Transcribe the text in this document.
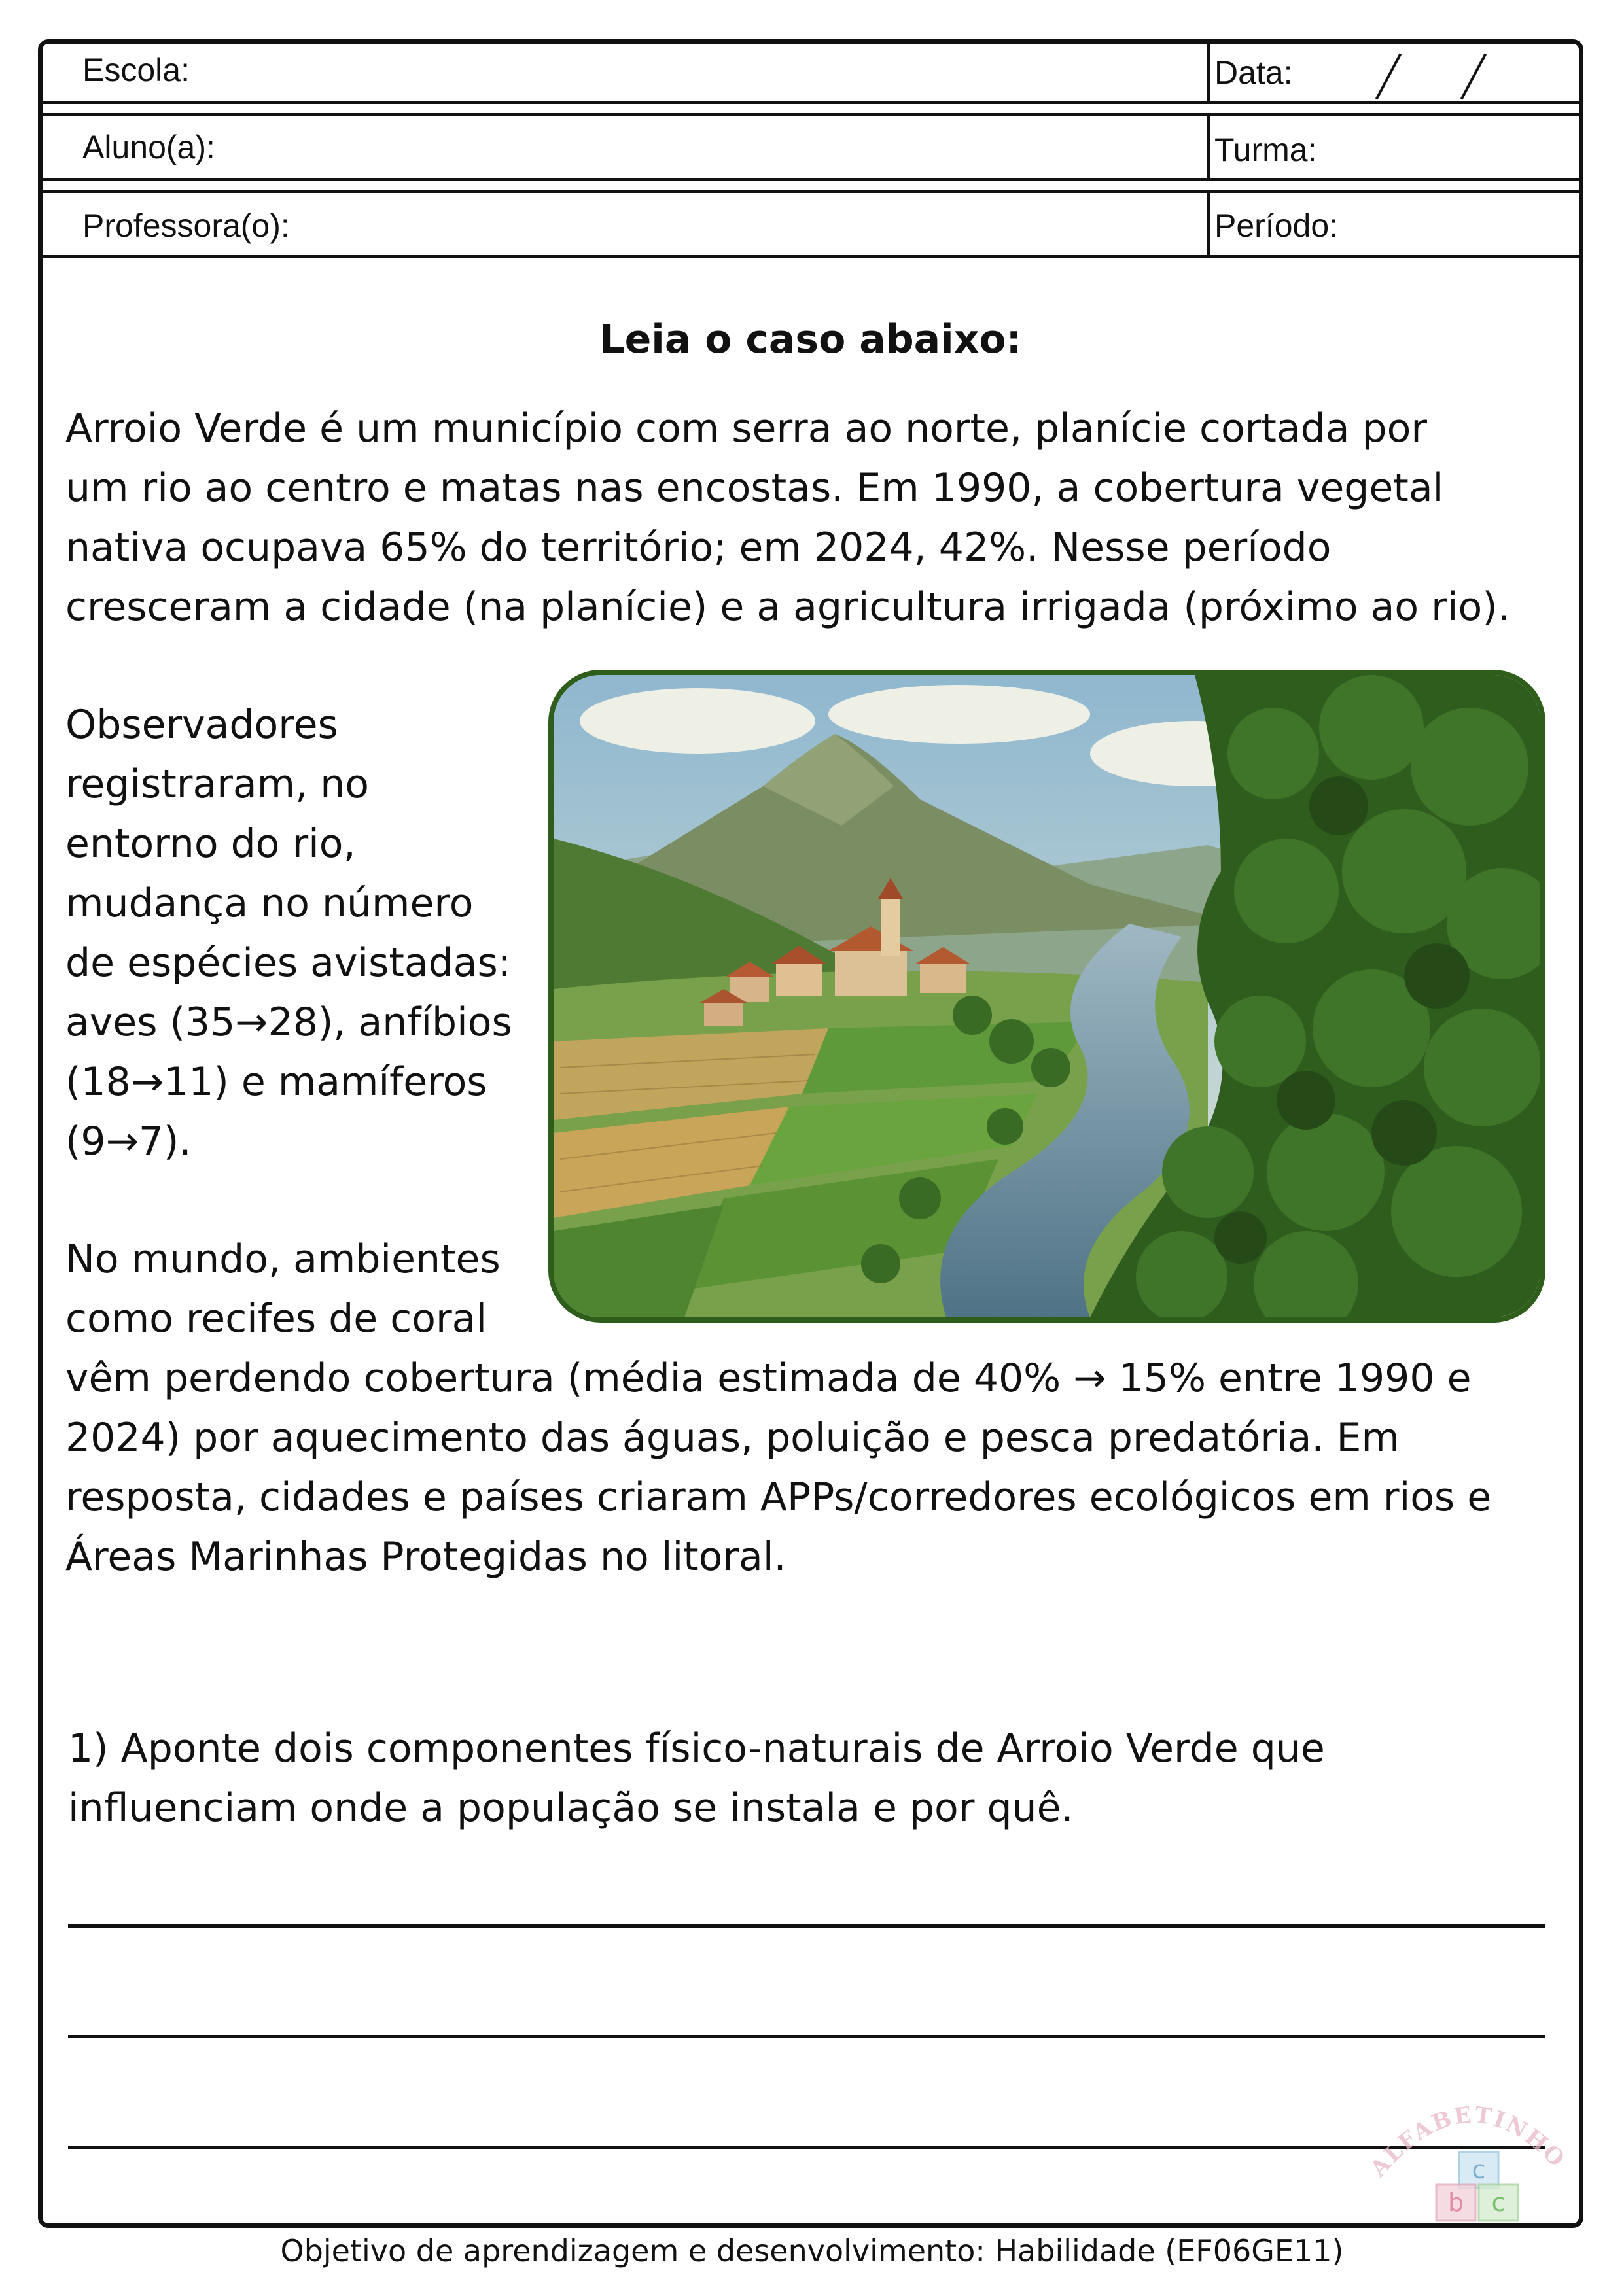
Escola:	Data:
Aluno(a):	Turma:
Professora(o):	Período:
Leia o caso abaixo:

Arroio Verde é um município com serra ao norte, planície cortada por
um rio ao centro e matas nas encostas. Em 1990, a cobertura vegetal
nativa ocupava 65% do território; em 2024, 42%. Nesse período
cresceram a cidade (na planície) e a agricultura irrigada (próximo ao rio).

Observadores
registraram, no
entorno do rio,
mudança no número
de espécies avistadas:
aves (35→28), anfíbios
(18→11) e mamíferos
(9→7).

No mundo, ambientes
como recifes de coral

vêm perdendo cobertura (média estimada de 40% → 15% entre 1990 e
2024) por aquecimento das águas, poluição e pesca predatória. Em
resposta, cidades e países criaram APPs/corredores ecológicos em rios e
Áreas Marinhas Protegidas no litoral.

1) Aponte dois componentes físico-naturais de Arroio Verde que
influenciam onde a população se instala e por quê.

ALFABETINHO
c
b c
Objetivo de aprendizagem e desenvolvimento: Habilidade (EF06GE11)
